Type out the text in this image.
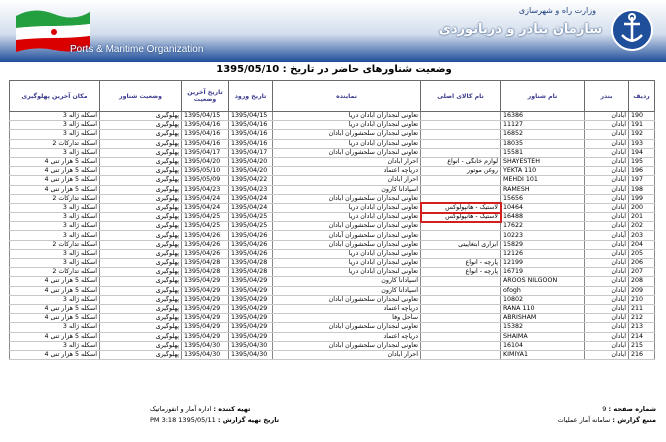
Ports & Maritime Organization
وزارت راه و شهرسازی
سازمان بنادر و دریانوردی
وضعیت شناورهای حاضر در تاریخ : 1395/05/10
ردیف	بندر	نام شناور	نام کالای اصلی	نماینده	تاریخ ورود	تاریخ آخرین وضعیت	وضعیت شناور	مکان آخرین پهلوگیری
190	آبادان	16386		تعاونی لنجداران آبادان دریا	1395/04/15	1395/04/15	پهلوگیری	اسکله ژاله 3
191	آبادان	11127		تعاونی لنجداران آبادان دریا	1395/04/16	1395/04/16	پهلوگیری	اسکله ژاله 3
192	آبادان	16852		تعاونی لنجداران سلحشوران آبادان	1395/04/16	1395/04/16	پهلوگیری	اسکله ژاله 3
193	آبادان	18035		تعاونی لنجداران آبادان دریا	1395/04/16	1395/04/16	پهلوگیری	اسکله تدارکات 2
194	آبادان	15581		تعاونی لنجداران سلحشوران آبادان	1395/04/17	1395/04/17	پهلوگیری	اسکله ژاله 3
195	آبادان	SHAYESTEH	لوازم خانگی - انواع	احرار آبادان	1395/04/20	1395/04/20	پهلوگیری	اسکله 5 هزار تنی 4
196	آبادان	YEKTA 110	روغن موتور	دریاچه اعتماد	1395/04/20	1395/05/10	پهلوگیری	اسکله 5 هزار تنی 4
197	آبادان	MEHDI 101		احرار آبادان	1395/04/22	1395/05/09	پهلوگیری	اسکله 5 هزار تنی 4
198	آبادان	RAMESH		اسپادانا کارون	1395/04/23	1395/04/23	پهلوگیری	اسکله 5 هزار تنی 4
199	آبادان	15656		تعاونی لنجداران سلحشوران آبادان	1395/04/24	1395/04/24	پهلوگیری	اسکله تدارکات 2
200	آبادان	10464	لاستیک - هانپولوکس	تعاونی لنجداران آبادان دریا	1395/04/24	1395/04/24	پهلوگیری	اسکله ژاله 3
201	آبادان	16488	لاستیک - هانپولوکس	تعاونی لنجداران آبادان دریا	1395/04/25	1395/04/25	پهلوگیری	اسکله ژاله 3
202	آبادان	17622		تعاونی لنجداران سلحشوران آبادان	1395/04/25	1395/04/25	پهلوگیری	اسکله ژاله 3
203	آبادان	10223		تعاونی لنجداران سلحشوران آبادان	1395/04/26	1395/04/26	پهلوگیری	اسکله ژاله 3
204	آبادان	15829	ابزاری ابتغاییتی	تعاونی لنجداران سلحشوران آبادان	1395/04/26	1395/04/26	پهلوگیری	اسکله تدارکات 2
205	آبادان	12126		تعاونی لنجداران آبادان دریا	1395/04/26	1395/04/26	پهلوگیری	اسکله ژاله 3
206	آبادان	12199	پارچه - انواع	تعاونی لنجداران آبادان دریا	1395/04/28	1395/04/28	پهلوگیری	اسکله ژاله 3
207	آبادان	16719	پارچه - انواع	تعاونی لنجداران آبادان دریا	1395/04/28	1395/04/28	پهلوگیری	اسکله تدارکات 2
208	آبادان	AROOS NILGOON		اسپادانا کارون	1395/04/29	1395/04/29	پهلوگیری	اسکله 5 هزار تنی 4
209	آبادان	ofogh		اسپادانا کارون	1395/04/29	1395/04/29	پهلوگیری	اسکله 5 هزار تنی 4
210	آبادان	10802		تعاونی لنجداران سلحشوران آبادان	1395/04/29	1395/04/29	پهلوگیری	اسکله ژاله 3
211	آبادان	RANA 110		دریاچه اعتماد	1395/04/29	1395/04/29	پهلوگیری	اسکله 5 هزار تنی 4
212	آبادان	ABRISHAM		ساحل وفا	1395/04/29	1395/04/29	پهلوگیری	اسکله 5 هزار تنی 4
213	آبادان	15382		تعاونی لنجداران سلحشوران آبادان	1395/04/29	1395/04/29	پهلوگیری	اسکله ژاله 3
214	آبادان	SHAIMA		دریاچه اعتماد	1395/04/29	1395/04/29	پهلوگیری	اسکله 5 هزار تنی 4
215	آبادان	16104		تعاونی لنجداران سلحشوران آبادان	1395/04/30	1395/04/30	پهلوگیری	اسکله ژاله 3
216	آبادان	KIMIYA1		احرار آبادان	1395/04/30	1395/04/30	پهلوگیری	اسکله 5 هزار تنی 4
شماره صفحه : 9
منبع گزارش : سامانه آمار عملیات
تهیه کننده : اداره آمار و انفورماتیک
تاریخ تهیه گزارش : 1395/05/11 3:18 PM
